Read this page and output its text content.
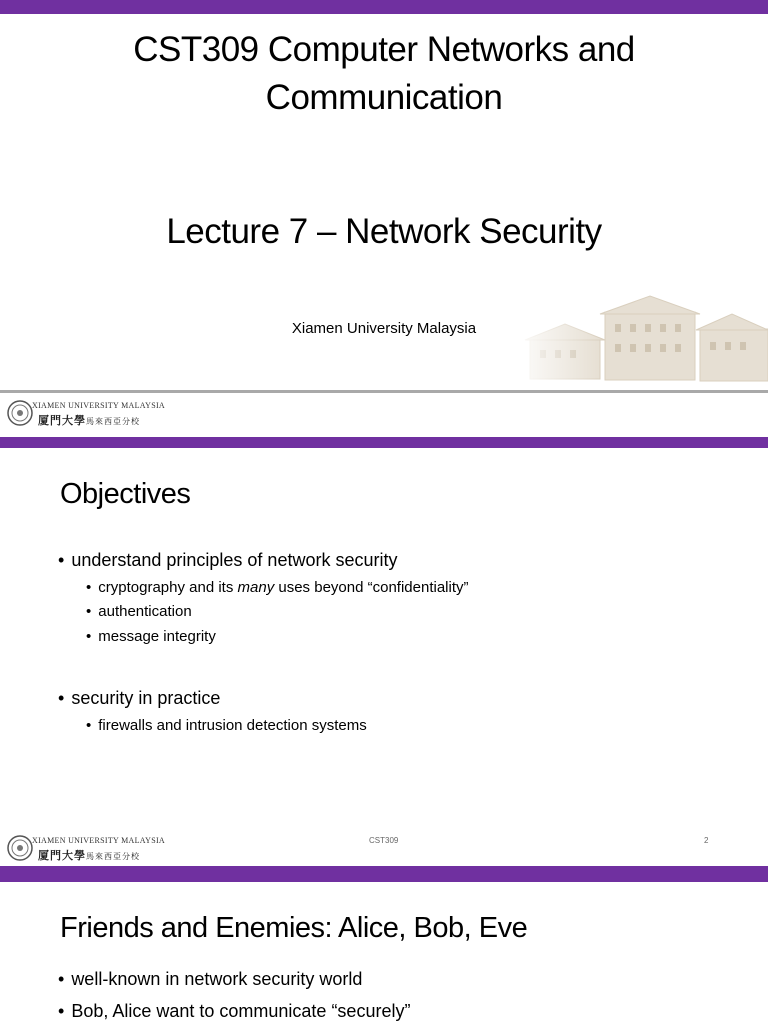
CST309 Computer Networks and
Communication
Lecture 7 – Network Security
Xiamen University Malaysia
XIAMEN UNIVERSITY MALAYSIA
厦門大學馬來西亞分校
Objectives
• understand principles of network security
• cryptography and its many uses beyond “confidentiality”
• authentication
• message integrity
• security in practice
• firewalls and intrusion detection systems
XIAMEN UNIVERSITY MALAYSIA
厦門大學馬來西亞分校
CST309	2
Friends and Enemies: Alice, Bob, Eve
• well-known in network security world
• Bob, Alice want to communicate “securely”
